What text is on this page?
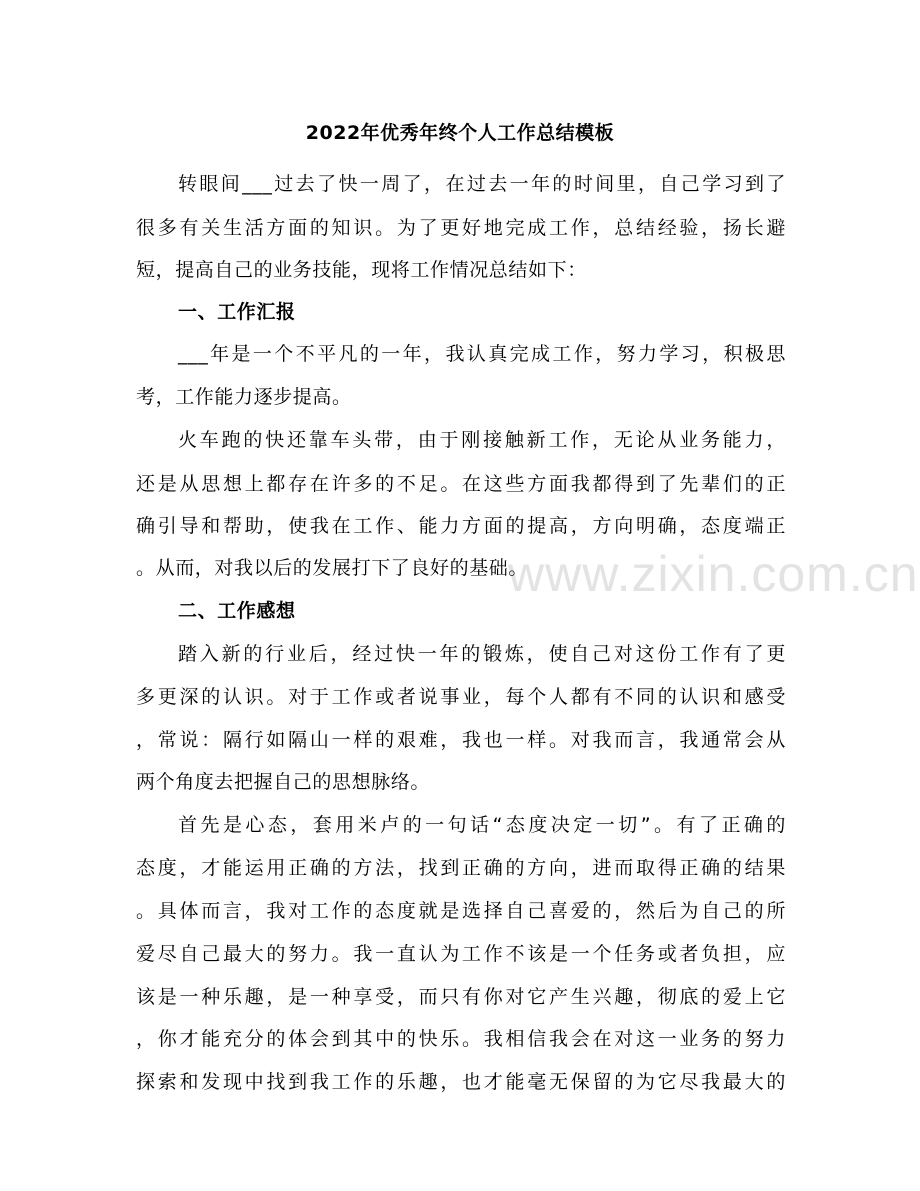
www.zixin.com.cn
2022年优秀年终个人工作总结模板
转眼间___过去了快一周了，在过去一年的时间里，自己学习到了
很多有关生活方面的知识。为了更好地完成工作，总结经验，扬长避
短，提高自己的业务技能，现将工作情况总结如下：
一、工作汇报
___年是一个不平凡的一年，我认真完成工作，努力学习，积极思
考，工作能力逐步提高。
火车跑的快还靠车头带，由于刚接触新工作，无论从业务能力，
还是从思想上都存在许多的不足。在这些方面我都得到了先辈们的正
确引导和帮助，使我在工作、能力方面的提高，方向明确，态度端正
。从而，对我以后的发展打下了良好的基础。
二、工作感想
踏入新的行业后，经过快一年的锻炼，使自己对这份工作有了更
多更深的认识。对于工作或者说事业，每个人都有不同的认识和感受
，常说：隔行如隔山一样的艰难，我也一样。对我而言，我通常会从
两个角度去把握自己的思想脉络。
首先是心态，套用米卢的一句话“态度决定一切”。有了正确的
态度，才能运用正确的方法，找到正确的方向，进而取得正确的结果
。具体而言，我对工作的态度就是选择自己喜爱的，然后为自己的所
爱尽自己最大的努力。我一直认为工作不该是一个任务或者负担，应
该是一种乐趣，是一种享受，而只有你对它产生兴趣，彻底的爱上它
，你才能充分的体会到其中的快乐。我相信我会在对这一业务的努力
探索和发现中找到我工作的乐趣，也才能毫无保留的为它尽我最大的
